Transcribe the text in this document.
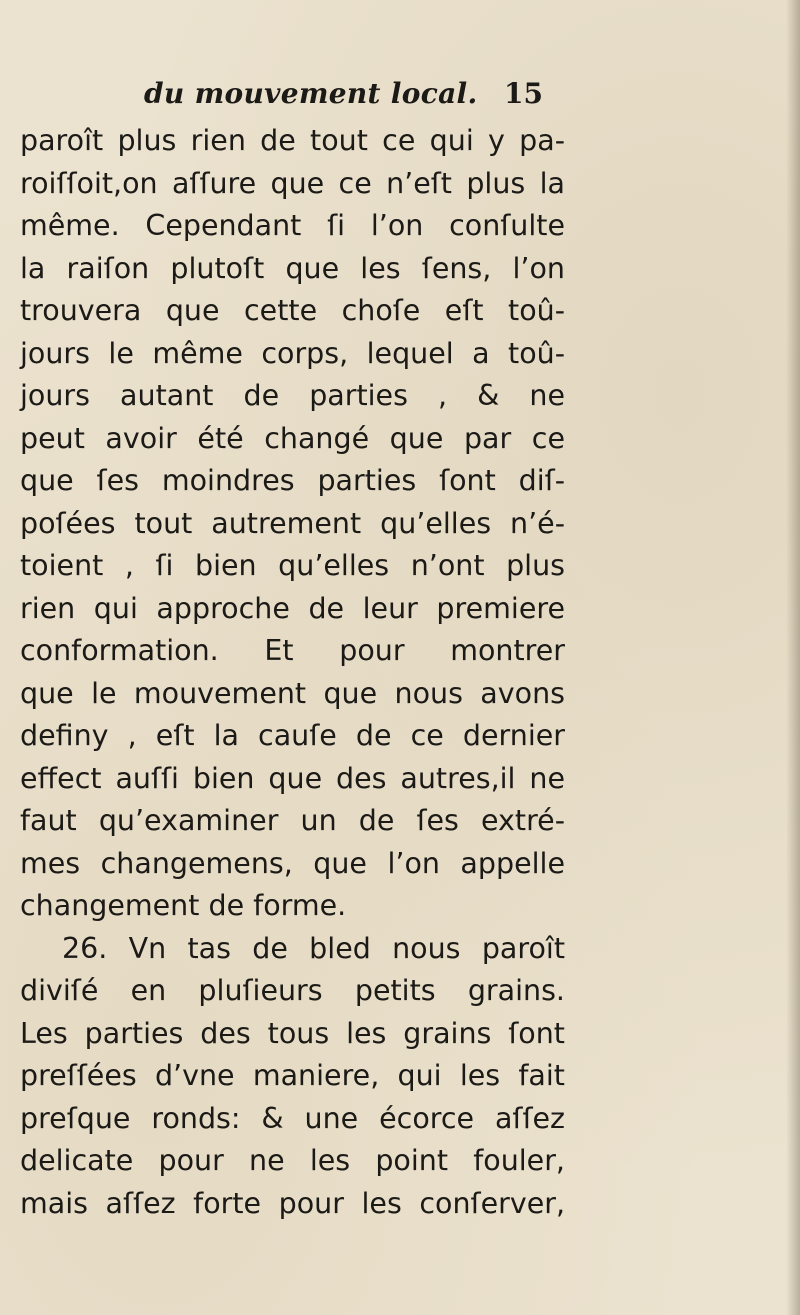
du mouvement local. 15
paroît plus rien de tout ce qui y pa-
roiſſoit,on aſſure que ce n’eſt plus la
même. Cependant ſi l’on conſulte
la raiſon plutoſt que les ſens, l’on
trouvera que cette choſe eſt toû-
jours le même corps, lequel a toû-
jours autant de parties , & ne
peut avoir été changé que par ce
que ſes moindres parties ſont diſ-
poſées tout autrement qu’elles n’é-
toient , ſi bien qu’elles n’ont plus
rien qui approche de leur premiere
conformation. Et pour montrer
que le mouvement que nous avons
definy , eſt la cauſe de ce dernier
effect auſſi bien que des autres,il ne
faut qu’examiner un de ſes extré-
mes changemens, que l’on appelle
changement de forme.
26. Vn tas de bled nous paroît
diviſé en pluſieurs petits grains.
Les parties des tous les grains ſont
preſſées d’vne maniere, qui les fait
preſque ronds: & une écorce aſſez
delicate pour ne les point fouler,
mais aſſez forte pour les conſerver,
